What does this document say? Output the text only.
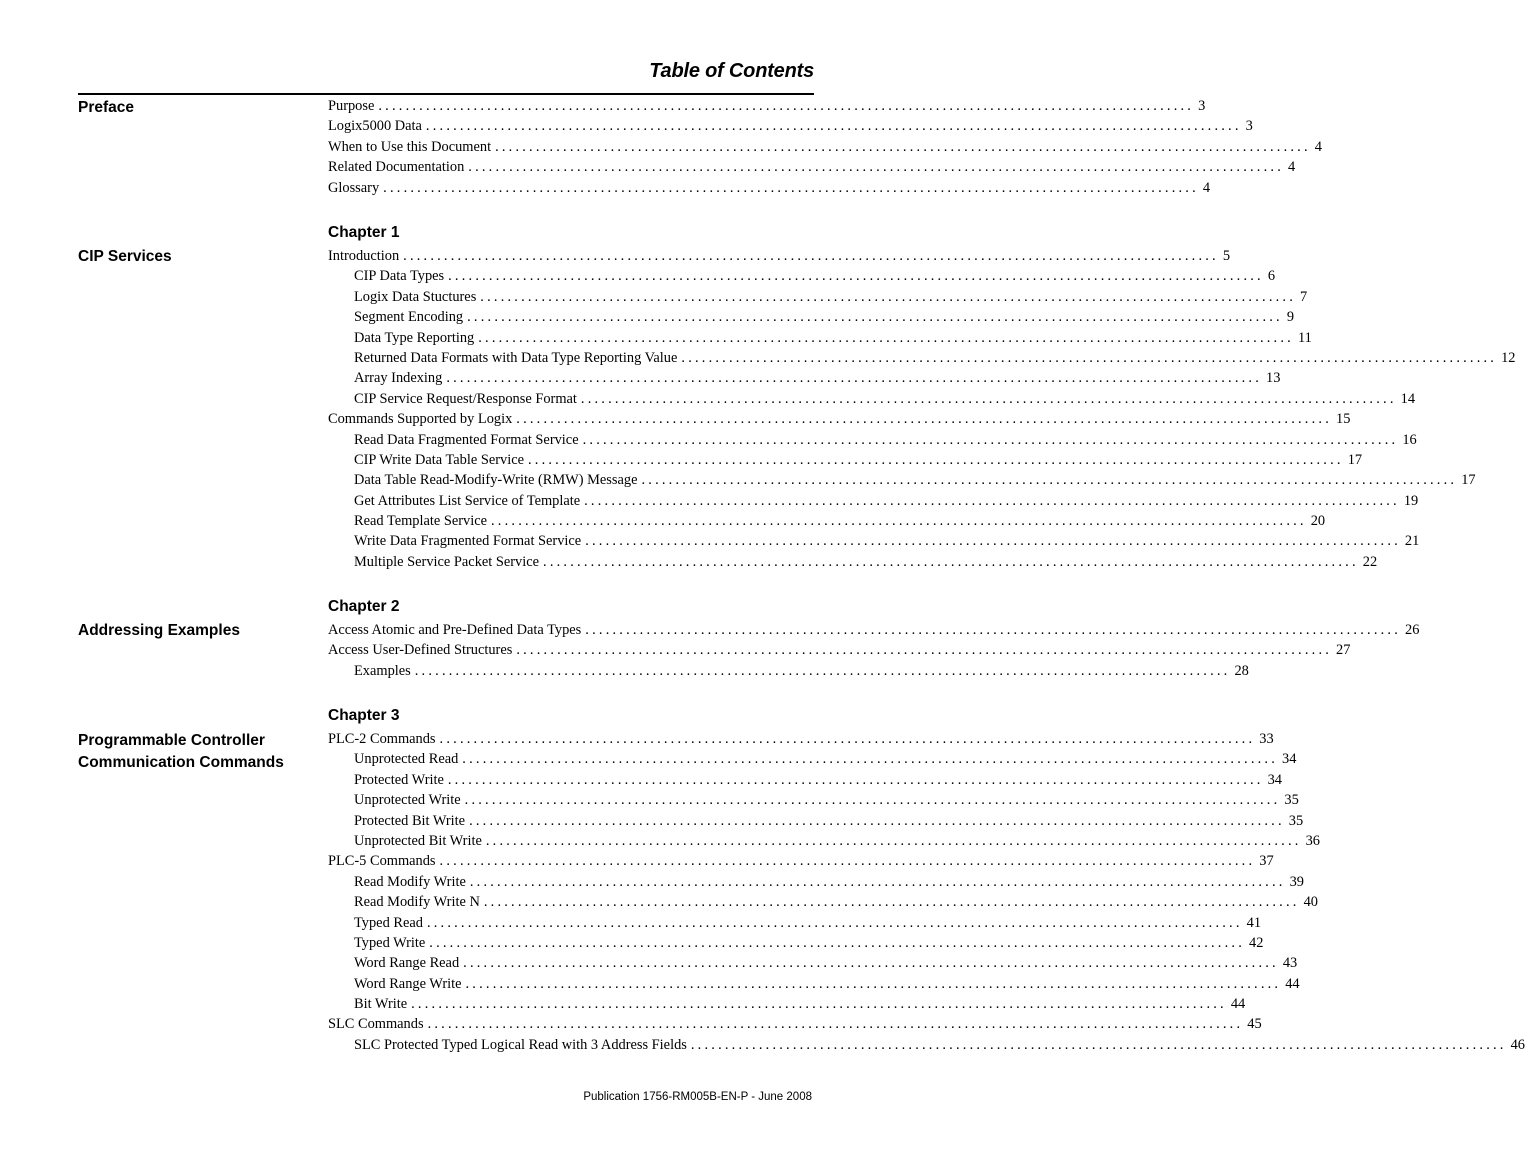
Table of Contents
Preface	Purpose ........................................................................................................................ 3
Logix5000 Data ........................................................................................................................ 3
When to Use this Document ........................................................................................................................ 4
Related Documentation ........................................................................................................................ 4
Glossary ........................................................................................................................ 4
Chapter 1
CIP Services	Introduction ........................................................................................................................ 5
CIP Data Types ........................................................................................................................ 6
Logix Data Stuctures ........................................................................................................................ 7
Segment Encoding ........................................................................................................................ 9
Data Type Reporting ........................................................................................................................ 11
Returned Data Formats with Data Type Reporting Value ........................................................................................................................ 12
Array Indexing ........................................................................................................................ 13
CIP Service Request/Response Format ........................................................................................................................ 14
Commands Supported by Logix ........................................................................................................................ 15
Read Data Fragmented Format Service ........................................................................................................................ 16
CIP Write Data Table Service ........................................................................................................................ 17
Data Table Read-Modify-Write (RMW) Message ........................................................................................................................ 17
Get Attributes List Service of Template ........................................................................................................................ 19
Read Template Service ........................................................................................................................ 20
Write Data Fragmented Format Service ........................................................................................................................ 21
Multiple Service Packet Service ........................................................................................................................ 22
Chapter 2
Addressing Examples	Access Atomic and Pre-Defined Data Types ........................................................................................................................ 26
Access User-Defined Structures ........................................................................................................................ 27
Examples ........................................................................................................................ 28
Chapter 3
Programmable Controller
Communication Commands
PLC-2 Commands ........................................................................................................................ 33
Unprotected Read ........................................................................................................................ 34
Protected Write ........................................................................................................................ 34
Unprotected Write ........................................................................................................................ 35
Protected Bit Write ........................................................................................................................ 35
Unprotected Bit Write ........................................................................................................................ 36
PLC-5 Commands ........................................................................................................................ 37
Read Modify Write ........................................................................................................................ 39
Read Modify Write N ........................................................................................................................ 40
Typed Read ........................................................................................................................ 41
Typed Write ........................................................................................................................ 42
Word Range Read ........................................................................................................................ 43
Word Range Write ........................................................................................................................ 44
Bit Write ........................................................................................................................ 44
SLC Commands ........................................................................................................................ 45
SLC Protected Typed Logical Read with 3 Address Fields ........................................................................................................................ 46
Publication 1756-RM005B-EN-P - June 2008
